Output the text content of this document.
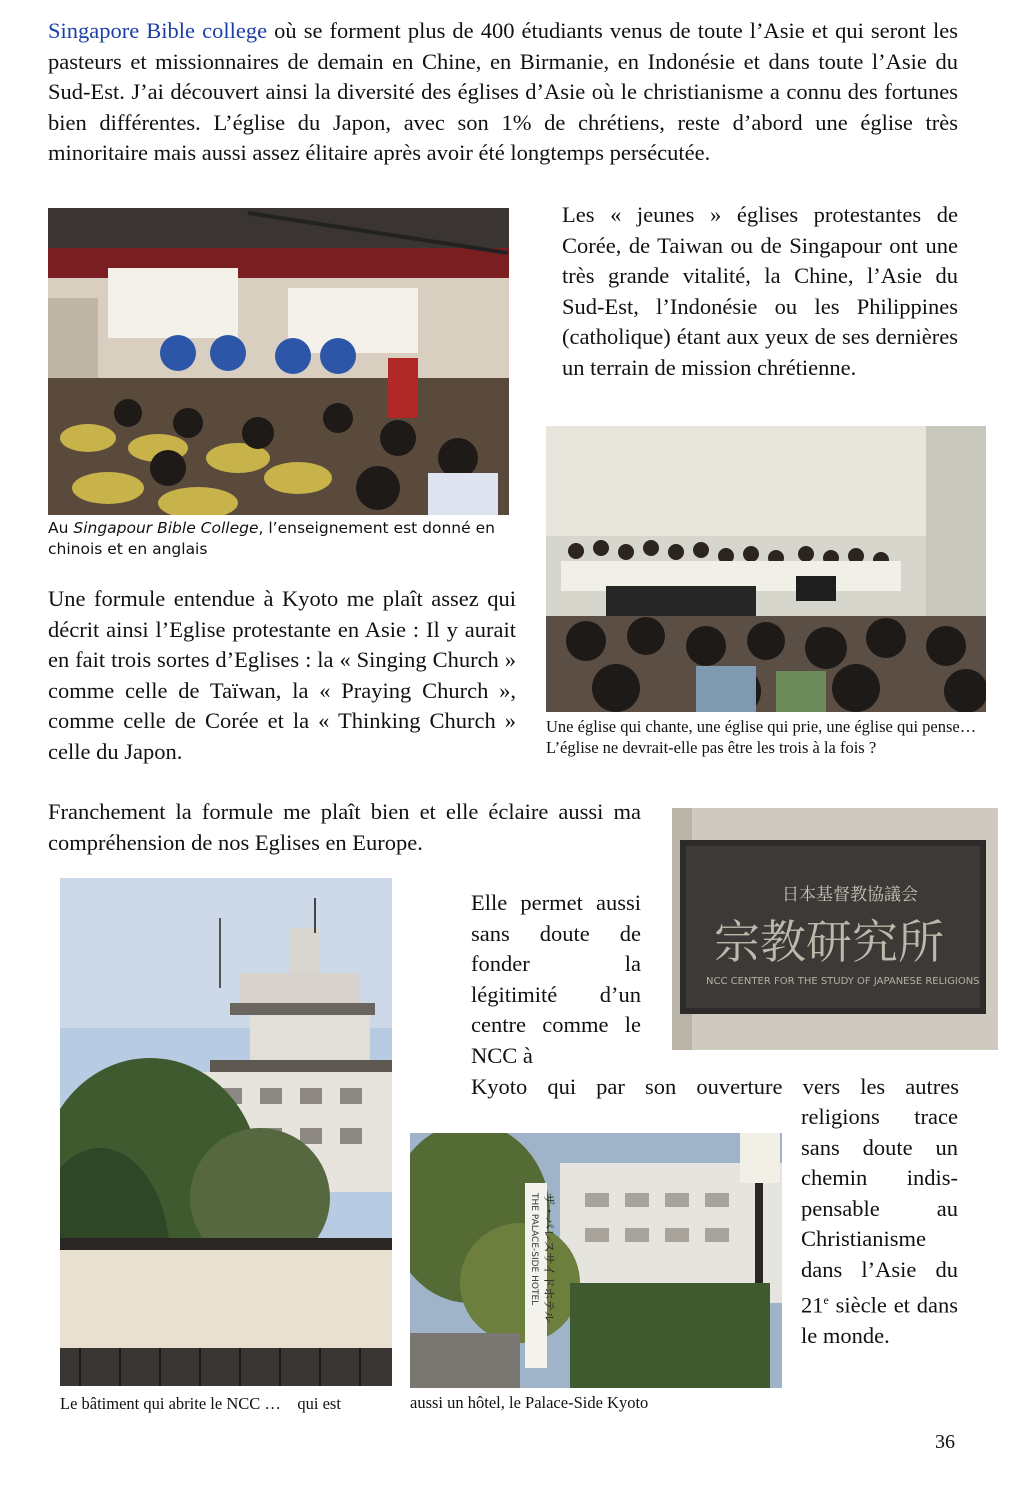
Singapore Bible college où se forment plus de 400 étudiants venus de toute l’Asie et qui seront les pasteurs et missionnaires de demain en Chine, en Birmanie, en Indonésie et dans toute l’Asie du Sud-Est. J’ai découvert ainsi la diversité des églises d’Asie où le christianisme a connu des fortunes bien différentes. L’église du Japon, avec son 1% de chrétiens, reste d’abord une église très minoritaire mais aussi assez élitaire après avoir été longtemps persécutée.

Au Singapour Bible College, l’enseignement est donné en chinois et en anglais

Les « jeunes » églises protestantes de Corée, de Taiwan ou de Singapour ont une très grande vitalité, la Chine, l’Asie du Sud-Est, l’Indonésie ou les Philippines (catholique) étant aux yeux de ses dernières un terrain de mission chrétienne.

Une église qui chante, une église qui prie, une église qui pense… L’église ne devrait-elle pas être les trois à la fois ?

Une formule entendue à Kyoto me plaît assez qui décrit ainsi l’Eglise protestante en Asie : Il y aurait en fait trois sortes d’Eglises : la « Singing Church » comme celle de Taïwan, la « Praying Church », comme celle de Corée et la « Thinking Church » celle du Japon.

Franchement la formule me plaît bien et elle éclaire aussi ma compréhension de nos Eglises en Europe.

日本基督教協議会
宗教研究所
NCC CENTER FOR THE STUDY OF JAPANESE RELIGIONS
THE PALACE-SIDE HOTEL ザ・パレスサイドホテル

Elle permet aussi sans doute de fonder la légitimité d’un centre comme le NCC à

Kyoto qui par son ouverture vers les autres

religions trace sans doute un chemin indis-pensable au Christianisme dans l’Asie du 21e siècle et dans le monde.

Le bâtiment qui abrite le NCC …    qui est	aussi un hôtel, le Palace-Side Kyoto

36
